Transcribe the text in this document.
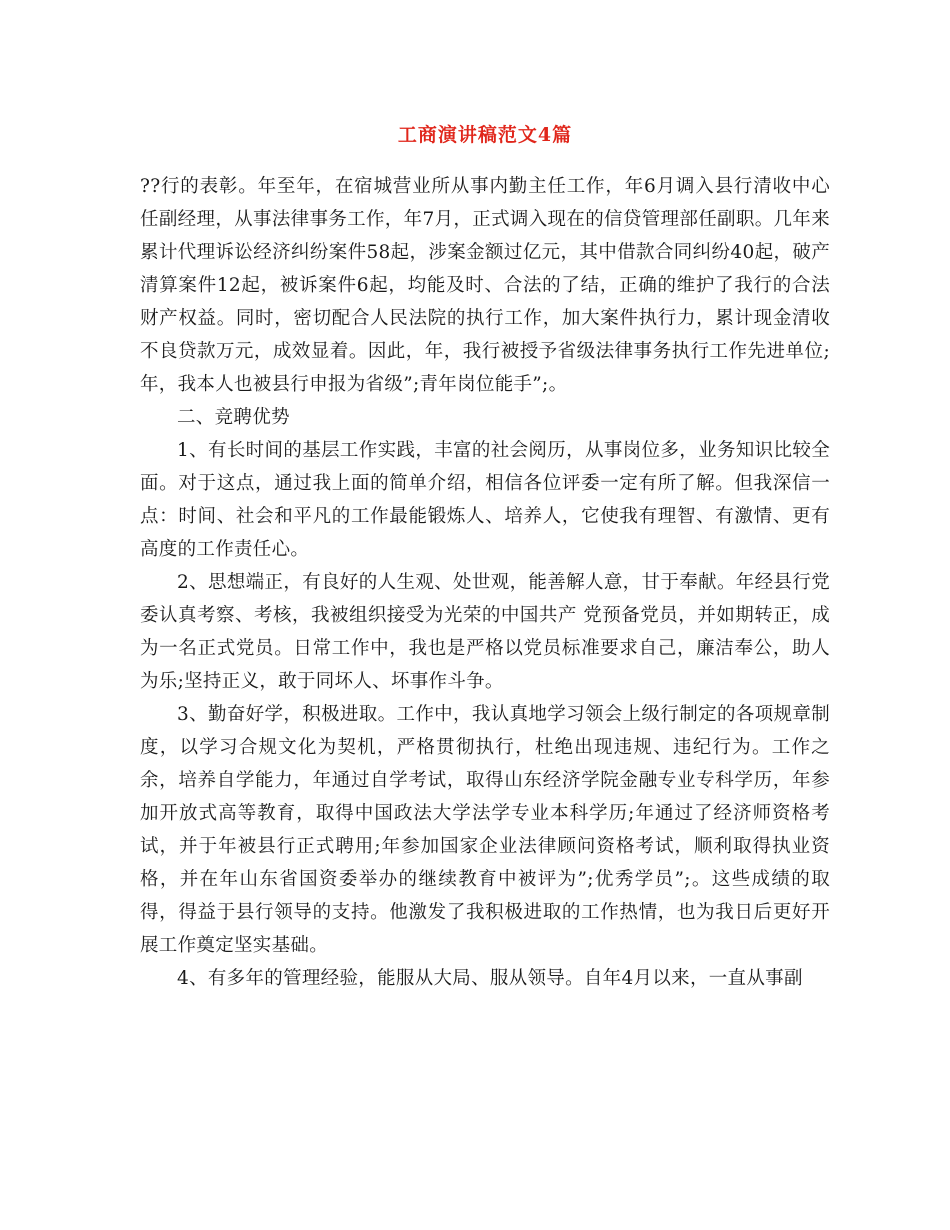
工商演讲稿范文4篇

??行的表彰。年至年，在宿城营业所从事内勤主任工作，年6月调入县行清收中心任副经理，从事法律事务工作，年7月，正式调入现在的信贷管理部任副职。几年来累计代理诉讼经济纠纷案件58起，涉案金额过亿元，其中借款合同纠纷40起，破产清算案件12起，被诉案件6起，均能及时、合法的了结，正确的维护了我行的合法财产权益。同时，密切配合人民法院的执行工作，加大案件执行力，累计现金清收不良贷款万元，成效显着。因此，年，我行被授予省级法律事务执行工作先进单位;年，我本人也被县行申报为省级”;青年岗位能手”;。

二、竞聘优势

1、有长时间的基层工作实践，丰富的社会阅历，从事岗位多，业务知识比较全面。对于这点，通过我上面的简单介绍，相信各位评委一定有所了解。但我深信一点：时间、社会和平凡的工作最能锻炼人、培养人，它使我有理智、有激情、更有高度的工作责任心。

2、思想端正，有良好的人生观、处世观，能善解人意，甘于奉献。年经县行党委认真考察、考核，我被组织接受为光荣的中国共产 党预备党员，并如期转正，成为一名正式党员。日常工作中，我也是严格以党员标准要求自己，廉洁奉公，助人为乐;坚持正义，敢于同坏人、坏事作斗争。

3、勤奋好学，积极进取。工作中，我认真地学习领会上级行制定的各项规章制度，以学习合规文化为契机，严格贯彻执行，杜绝出现违规、违纪行为。工作之余，培养自学能力，年通过自学考试，取得山东经济学院金融专业专科学历，年参加开放式高等教育，取得中国政法大学法学专业本科学历;年通过了经济师资格考试，并于年被县行正式聘用;年参加国家企业法律顾问资格考试，顺利取得执业资格，并在年山东省国资委举办的继续教育中被评为”;优秀学员”;。这些成绩的取得，得益于县行领导的支持。他激发了我积极进取的工作热情，也为我日后更好开展工作奠定坚实基础。

4、有多年的管理经验，能服从大局、服从领导。自年4月以来，一直从事副
